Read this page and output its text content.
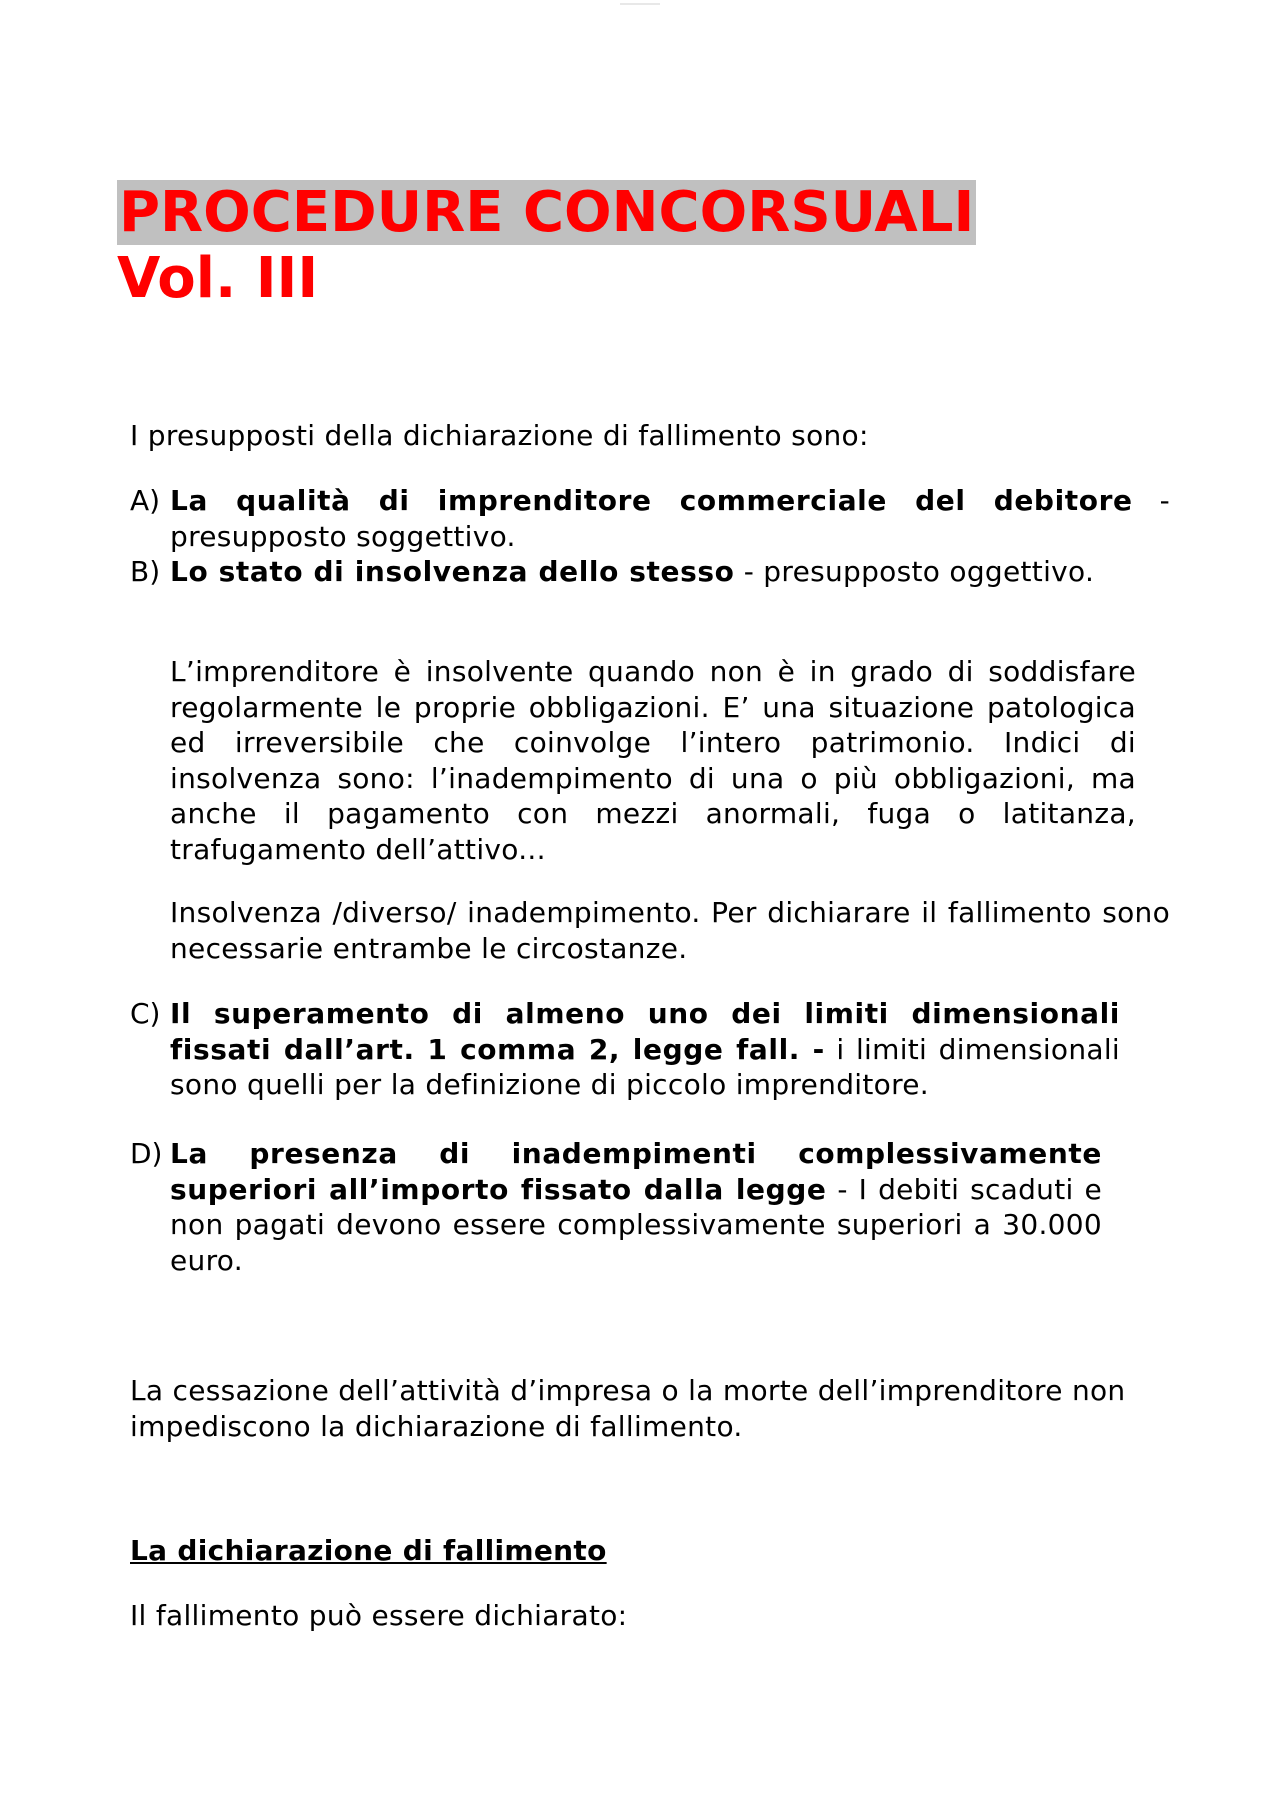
PROCEDURE CONCORSUALI
Vol. III
I presupposti della dichiarazione di fallimento sono:
A) La qualità di imprenditore commerciale del debitore - presupposto soggettivo.
B) Lo stato di insolvenza dello stesso - presupposto oggettivo.
L’imprenditore è insolvente quando non è in grado di soddisfare regolarmente le proprie obbligazioni. E’ una situazione patologica ed irreversibile che coinvolge l’intero patrimonio. Indici di insolvenza sono: l’inadempimento di una o più obbligazioni, ma anche il pagamento con mezzi anormali, fuga o latitanza, trafugamento dell’attivo...
Insolvenza /diverso/ inadempimento. Per dichiarare il fallimento sono necessarie entrambe le circostanze.
C) Il superamento di almeno uno dei limiti dimensionali fissati dall’art. 1 comma 2, legge fall. - i limiti dimensionali sono quelli per la definizione di piccolo imprenditore.
D) La presenza di inadempimenti complessivamente superiori all’importo fissato dalla legge - I debiti scaduti e non pagati devono essere complessivamente superiori a 30.000 euro.
La cessazione dell’attività d’impresa o la morte dell’imprenditore non impediscono la dichiarazione di fallimento.
La dichiarazione di fallimento
Il fallimento può essere dichiarato:
